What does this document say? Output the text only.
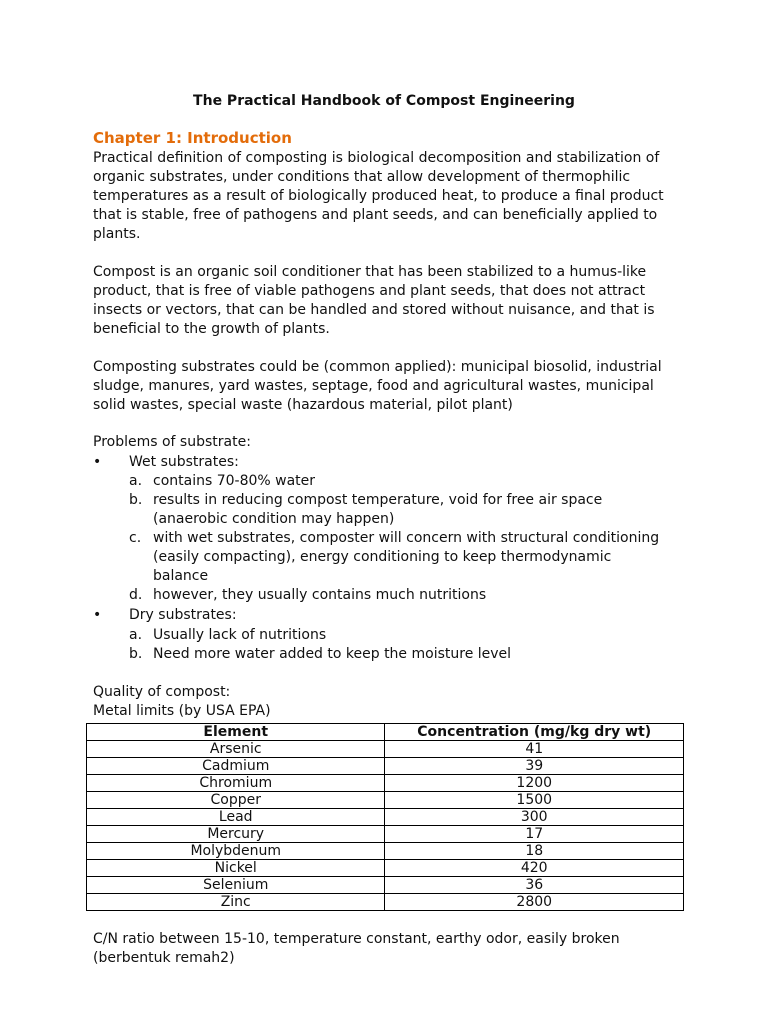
The Practical Handbook of Compost Engineering
Chapter 1: Introduction

Practical definition of composting is biological decomposition and stabilization of
organic substrates, under conditions that allow development of thermophilic
temperatures as a result of biologically produced heat, to produce a final product
that is stable, free of pathogens and plant seeds, and can beneficially applied to
plants.

Compost is an organic soil conditioner that has been stabilized to a humus-like
product, that is free of viable pathogens and plant seeds, that does not attract
insects or vectors, that can be handled and stored without nuisance, and that is
beneficial to the growth of plants.

Composting substrates could be (common applied): municipal biosolid, industrial
sludge, manures, yard wastes, septage, food and agricultural wastes, municipal
solid wastes, special waste (hazardous material, pilot plant)

Problems of substrate:

•	Wet substrates:
a. contains 70-80% water
b. results in reducing compost temperature, void for free air space
(anaerobic condition may happen)
c. with wet substrates, composter will concern with structural conditioning
(easily compacting), energy conditioning to keep thermodynamic
balance
d. however, they usually contains much nutritions
•	Dry substrates:
a. Usually lack of nutritions
b. Need more water added to keep the moisture level

Quality of compost:
Metal limits (by USA EPA)

Element	Concentration (mg/kg dry wt)
Arsenic	41
Cadmium	39
Chromium	1200
Copper	1500
Lead	300
Mercury	17
Molybdenum	18
Nickel	420
Selenium	36
Zinc	2800

C/N ratio between 15-10, temperature constant, earthy odor, easily broken
(berbentuk remah2)
